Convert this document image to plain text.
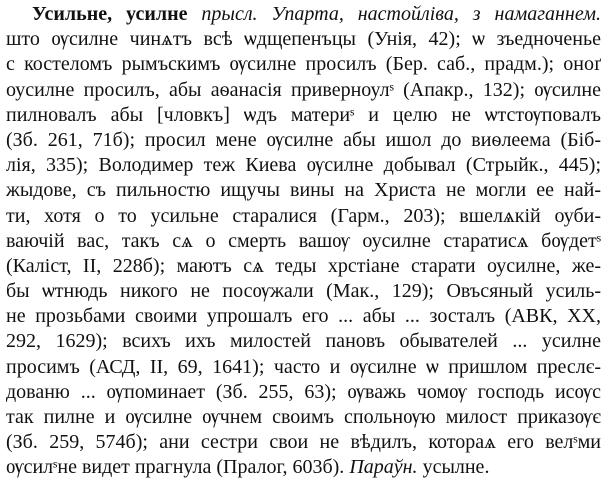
Усильне, усилне прысл. Упарта, настойліва, з намаганнем.
што ѹсилне чинѧтъ всѣ ѡдщепенъцы (Унія, 42); ѡ зъедноченье
с костеломъ рымъскимъ ѹсилне просилъ (Бер. саб., прадм.); оноґ
оусилне просилъ, абы аѳанасія приверноулˢ (Апакр., 132); ѹсилне
пилновалъ абы [чловкъ] ѡдъ материˢ и целю не ѡтстѹповалъ
(Зб. 261, 71б); просил мене ѹсилне абы ишол до виѳлеема (Біб-
лія, 335); Володимер теж Киева ѹсилне добывал (Стрыйк., 445);
жыдове, съ пильностю ищучы вины на Христа не могли ее най-
ти, хотя о то усильне старалися (Гарм., 203); вшелѧкій оуби-
ваючій вас, такъ сѧ о смерть вашѹ оусилне старатисѧ бѹдетˢ
(Каліст, II, 228б); маютъ сѧ теды хрстіане старати оусилне, же-
бы ѡтнюдь никого не посѹжали (Мак., 129); Овъсяный усиль-
не прозьбами своими упрошалъ его ... абы ... зосталъ (АВК, XX,
292, 1629); всихъ ихъ милостей пановъ обывателей ... усилне
просимъ (АСД, II, 69, 1641); часто и ѹсилне ѡ пришлом преслє-
дованю ... ѹпоминает (Зб. 255, 63); ѹважь чомѹ господь исѹс
так пилне и ѹсилне ѹчнем своимъ спольнѹю милост приказѹє
(Зб. 259, 574б); ани сестри свои не вѣдилъ, котораѧ его велˢми
ѹсилˢне видет прагнула (Пралог, 603б). Параўн. усылне.
